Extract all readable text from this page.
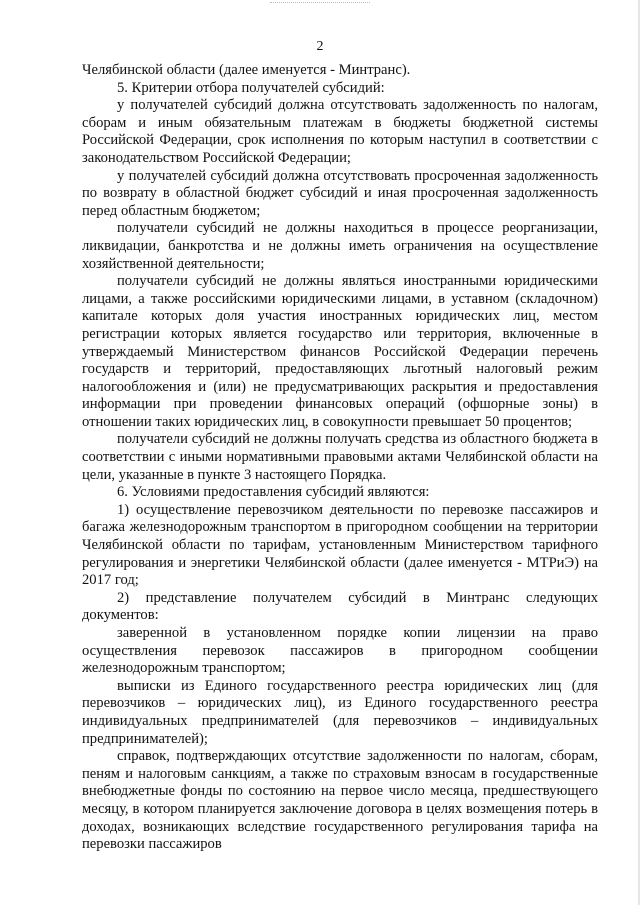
2

Челябинской области (далее именуется - Минтранс).

5. Критерии отбора получателей субсидий:

у получателей субсидий должна отсутствовать задолженность по налогам, сборам и иным обязательным платежам в бюджеты бюджетной системы Российской Федерации, срок исполнения по которым наступил в соответствии с законодательством Российской Федерации;

у получателей субсидий должна отсутствовать просроченная задолженность по возврату в областной бюджет субсидий и иная просроченная задолженность перед областным бюджетом;

получатели субсидий не должны находиться в процессе реорганизации, ликвидации, банкротства и не должны иметь ограничения на осуществление хозяйственной деятельности;

получатели субсидий не должны являться иностранными юридическими лицами, а также российскими юридическими лицами, в уставном (складочном) капитале которых доля участия иностранных юридических лиц, местом регистрации которых является государство или территория, включенные в утверждаемый Министерством финансов Российской Федерации перечень государств и территорий, предоставляющих льготный налоговый режим налогообложения и (или) не предусматривающих раскрытия и предоставления информации при проведении финансовых операций (офшорные зоны) в отношении таких юридических лиц, в совокупности превышает 50 процентов;

получатели субсидий не должны получать средства из областного бюджета в соответствии с иными нормативными правовыми актами Челябинской области на цели, указанные в пункте 3 настоящего Порядка.

6. Условиями предоставления субсидий являются:

1) осуществление перевозчиком деятельности по перевозке пассажиров и багажа железнодорожным транспортом в пригородном сообщении на территории Челябинской области по тарифам, установленным Министерством тарифного регулирования и энергетики Челябинской области (далее именуется - МТРиЭ) на 2017 год;

2) представление получателем субсидий в Минтранс следующих документов:

заверенной в установленном порядке копии лицензии на право осуществления перевозок пассажиров в пригородном сообщении железнодорожным транспортом;

выписки из Единого государственного реестра юридических лиц (для перевозчиков – юридических лиц), из Единого государственного реестра индивидуальных предпринимателей (для перевозчиков – индивидуальных предпринимателей);

справок, подтверждающих отсутствие задолженности по налогам, сборам, пеням и налоговым санкциям, а также по страховым взносам в государственные внебюджетные фонды по состоянию на первое число месяца, предшествующего месяцу, в котором планируется заключение договора в целях возмещения потерь в доходах, возникающих вследствие государственного регулирования тарифа на перевозки пассажиров
